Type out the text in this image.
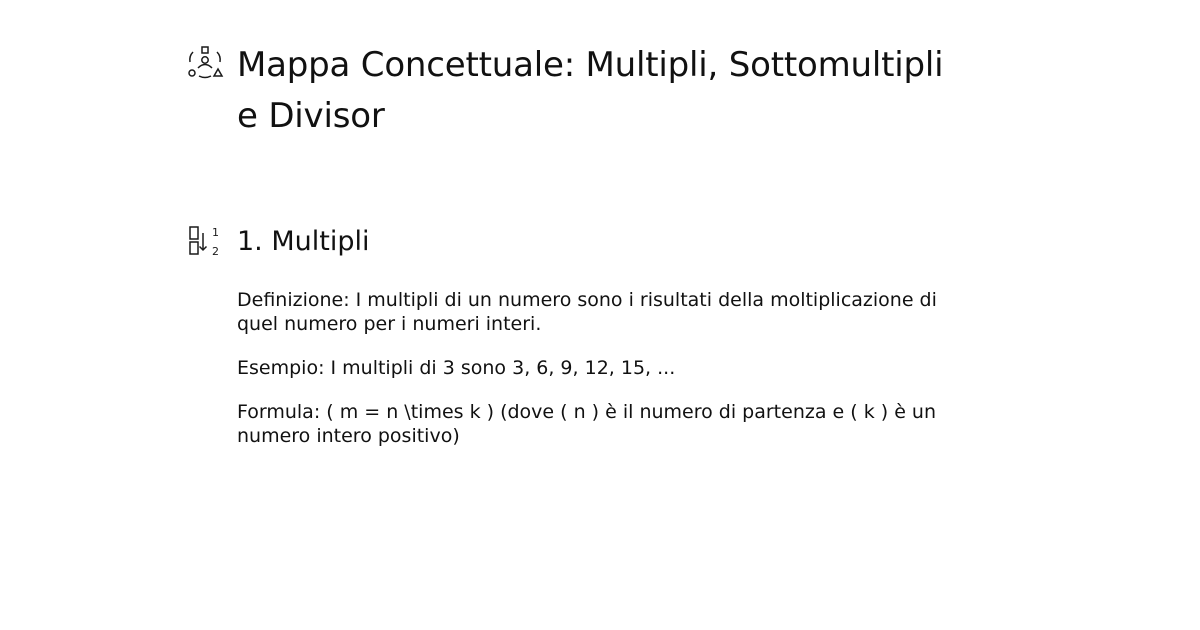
Mappa Concettuale: Multipli, Sottomultipli e Divisor
1
2 1. Multipli

Definizione: I multipli di un numero sono i risultati della moltiplicazione di quel numero per i numeri interi.

Esempio: I multipli di 3 sono 3, 6, 9, 12, 15, ...

Formula: ( m = n \times k ) (dove ( n ) è il numero di partenza e ( k ) è un numero intero positivo)
